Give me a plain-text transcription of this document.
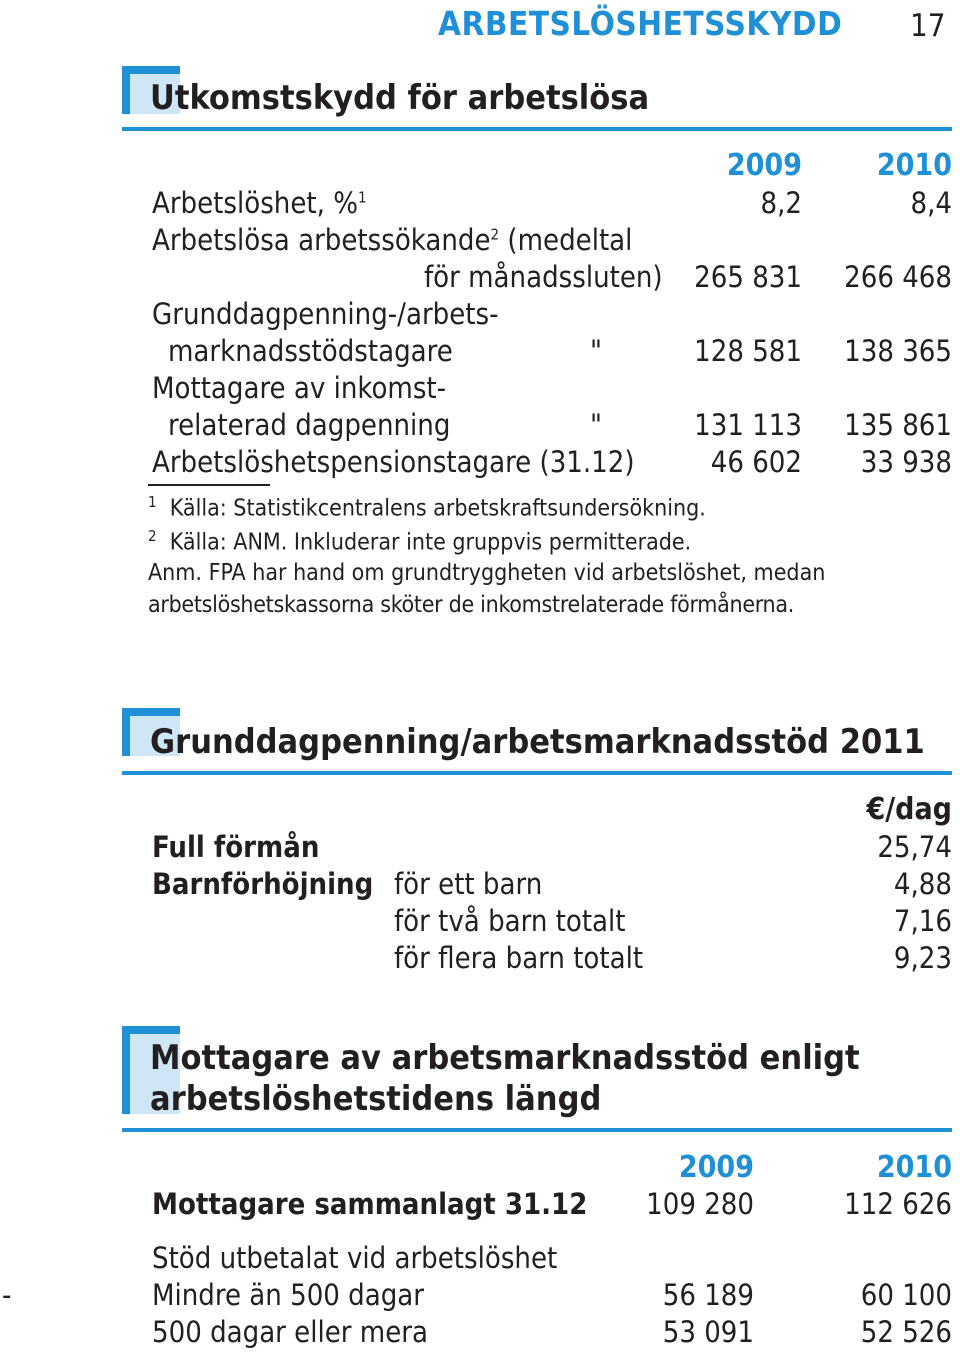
ARBETSLÖSHETSSKYDD 17
Utkomstskydd för arbetslösa
2009	2010
Arbetslöshet, %$^1$	8,2	8,4
Arbetslösa arbetssökande$^2$ (medeltal
för månadssluten)	265 831	266 468
Grunddagpenning-/arbets-
marknadsstödstagare	"	128 581	138 365
Mottagare av inkomst-
relaterad dagpenning	"	131 113	135 861
Arbetslöshetspensionstagare (31.12)	46 602	33 938
$^1$ Källa: Statistikcentralens arbetskraftsundersökning.
$^2$ Källa: ANM. Inkluderar inte gruppvis permitterade.
Anm. FPA har hand om grundtryggheten vid arbetslöshet, medan
arbetslöshetskassorna sköter de inkomstrelaterade förmånerna.
Grunddagpenning/arbetsmarknadsstöd 2011
€/dag
Full förmån	25,74
Barnförhöjning för ett barn	4,88
för två barn totalt	7,16
för flera barn totalt	9,23
Mottagare av arbetsmarknadsstöd enligt
arbetslöshetstidens längd
2009	2010
Mottagare sammanlagt 31.12	109 280	112 626
Stöd utbetalat vid arbetslöshet
-	Mindre än 500 dagar	56 189	60 100
500 dagar eller mera	53 091	52 526
